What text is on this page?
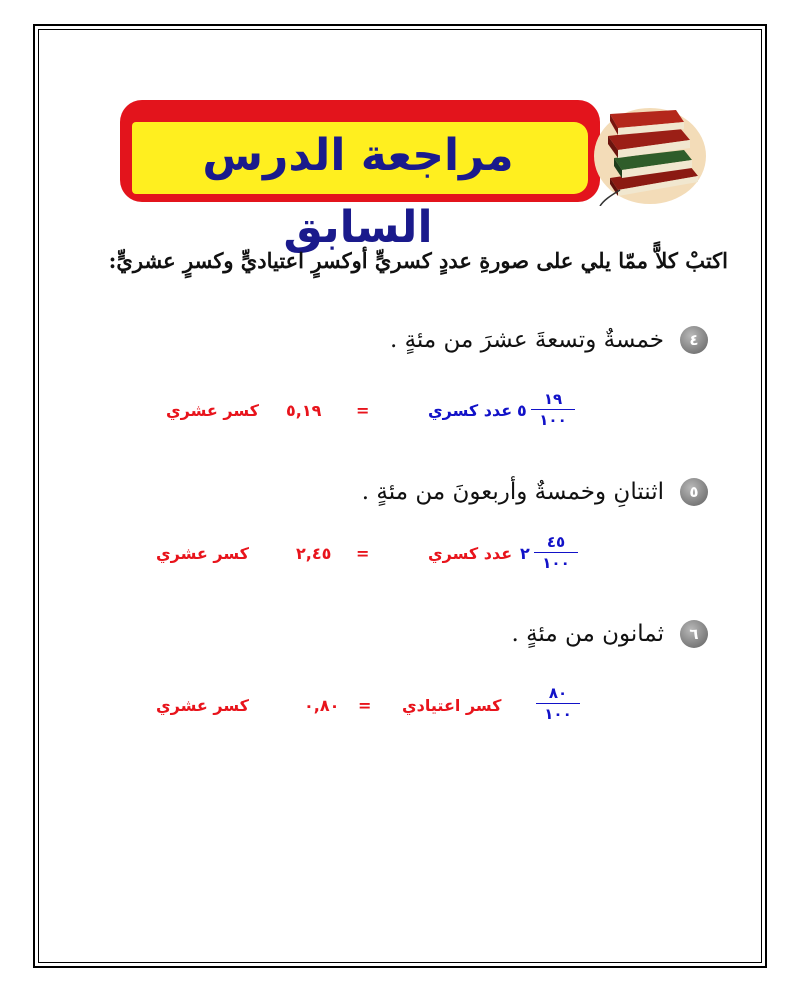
مراجعة الدرس السابق
اكتبْ كلاًّ ممّا يلي على صورةِ عددٍ كسريٍّ أوكسرٍ اعتياديٍّ وكسرٍ عشريٍّ:
٤
خمسةٌ وتسعةَ عشرَ من مئةٍ .
١٩
١٠٠
٥
عدد كسري
=
٥,١٩
كسر عشري
٥
اثنتانِ وخمسةٌ وأربعونَ من مئةٍ .
٤٥
١٠٠
٢
عدد كسري
=
٢,٤٥
كسر عشري
٦
ثمانون من مئةٍ .
٨٠
١٠٠
كسر اعتيادي
=
٠,٨٠
كسر عشري
